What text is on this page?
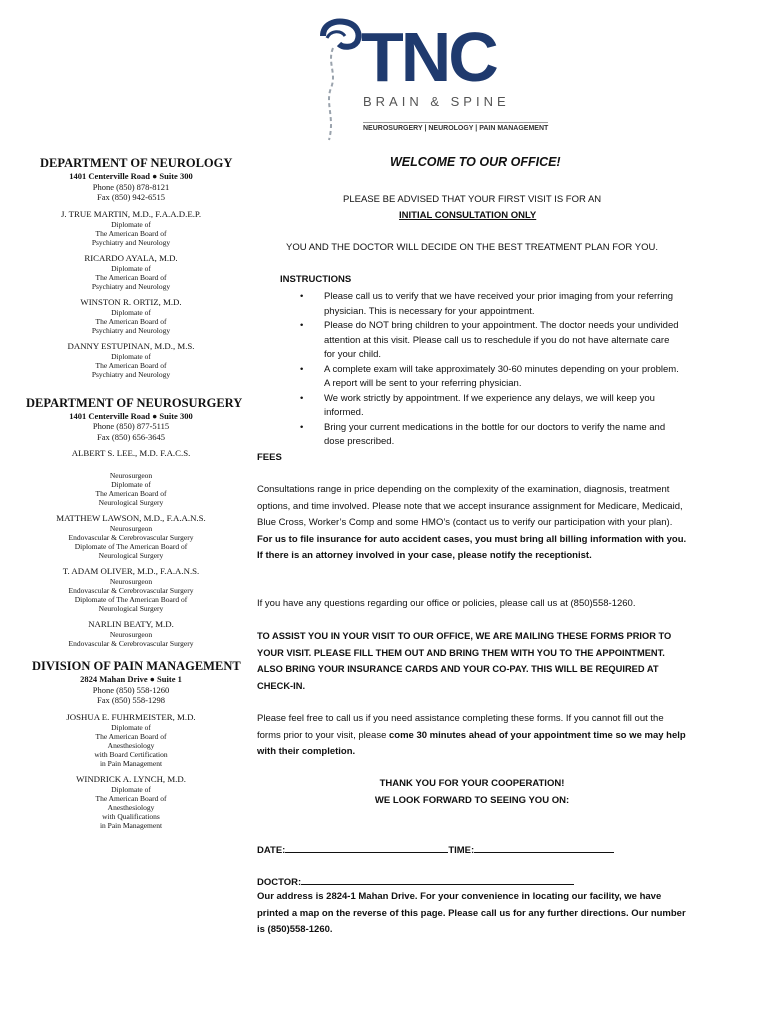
TNC
BRAIN & SPINE
NEUROSURGERY | NEUROLOGY | PAIN MANAGEMENT
DEPARTMENT OF NEUROLOGY
1401 Centerville Road ● Suite 300
Phone (850) 878-8121
Fax (850) 942-6515
J. TRUE MARTIN, M.D., F.A.A.D.E.P.
Diplomate of
The American Board of
Psychiatry and Neurology
RICARDO AYALA, M.D.
Diplomate of
The American Board of
Psychiatry and Neurology
WINSTON R. ORTIZ, M.D.
Diplomate of
The American Board of
Psychiatry and Neurology
DANNY ESTUPINAN, M.D., M.S.
Diplomate of
The American Board of
Psychiatry and Neurology
DEPARTMENT OF NEUROSURGERY
1401 Centerville Road ● Suite 300
Phone (850) 877-5115
Fax (850) 656-3645
ALBERT S. LEE., M.D. F.A.C.S.
Neurosurgeon
Diplomate of
The American Board of
Neurological Surgery
MATTHEW LAWSON, M.D., F.A.A.N.S.
Neurosurgeon
Endovascular & Cerebrovascular Surgery
Diplomate of The American Board of
Neurological Surgery
T. ADAM OLIVER, M.D., F.A.A.N.S.
Neurosurgeon
Endovascular & Cerebrovascular Surgery
Diplomate of The American Board of
Neurological Surgery
NARLIN BEATY, M.D.
Neurosurgeon
Endovascular & Cerebrovascular Surgery
DIVISION OF PAIN MANAGEMENT
2824 Mahan Drive ● Suite 1
Phone (850) 558-1260
Fax (850) 558-1298
JOSHUA E. FUHRMEISTER, M.D.
Diplomate of
The American Board of
Anesthesiology
with Board Certification
in Pain Management
WINDRICK A. LYNCH, M.D.
Diplomate of
The American Board of
Anesthesiology
with Qualifications
in Pain Management
WELCOME TO OUR OFFICE!
PLEASE BE ADVISED THAT YOUR FIRST VISIT IS FOR AN
INITIAL CONSULTATION ONLY
YOU AND THE DOCTOR WILL DECIDE ON THE BEST TREATMENT PLAN FOR YOU.
INSTRUCTIONS
• Please call us to verify that we have received your prior imaging from your referring physician. This is necessary for your appointment.
• Please do NOT bring children to your appointment. The doctor needs your undivided attention at this visit. Please call us to reschedule if you do not have alternate care for your child.
• A complete exam will take approximately 30-60 minutes depending on your problem. A report will be sent to your referring physician.
• We work strictly by appointment. If we experience any delays, we will keep you informed.
• Bring your current medications in the bottle for our doctors to verify the name and dose prescribed.
FEES
Consultations range in price depending on the complexity of the examination, diagnosis, treatment options, and time involved. Please note that we accept insurance assignment for Medicare, Medicaid, Blue Cross, Worker’s Comp and some HMO’s (contact us to verify our participation with your plan). For us to file insurance for auto accident cases, you must bring all billing information with you. If there is an attorney involved in your case, please notify the receptionist.
If you have any questions regarding our office or policies, please call us at (850)558-1260.
TO ASSIST YOU IN YOUR VISIT TO OUR OFFICE, WE ARE MAILING THESE FORMS PRIOR TO YOUR VISIT. PLEASE FILL THEM OUT AND BRING THEM WITH YOU TO THE APPOINTMENT. ALSO BRING YOUR INSURANCE CARDS AND YOUR CO-PAY. THIS WILL BE REQUIRED AT CHECK-IN.
Please feel free to call us if you need assistance completing these forms. If you cannot fill out the forms prior to your visit, please come 30 minutes ahead of your appointment time so we may help with their completion.
THANK YOU FOR YOUR COOPERATION!
WE LOOK FORWARD TO SEEING YOU ON:
DATE:	TIME:
DOCTOR:
Our address is 2824-1 Mahan Drive. For your convenience in locating our facility, we have printed a map on the reverse of this page. Please call us for any further directions. Our number is (850)558-1260.
